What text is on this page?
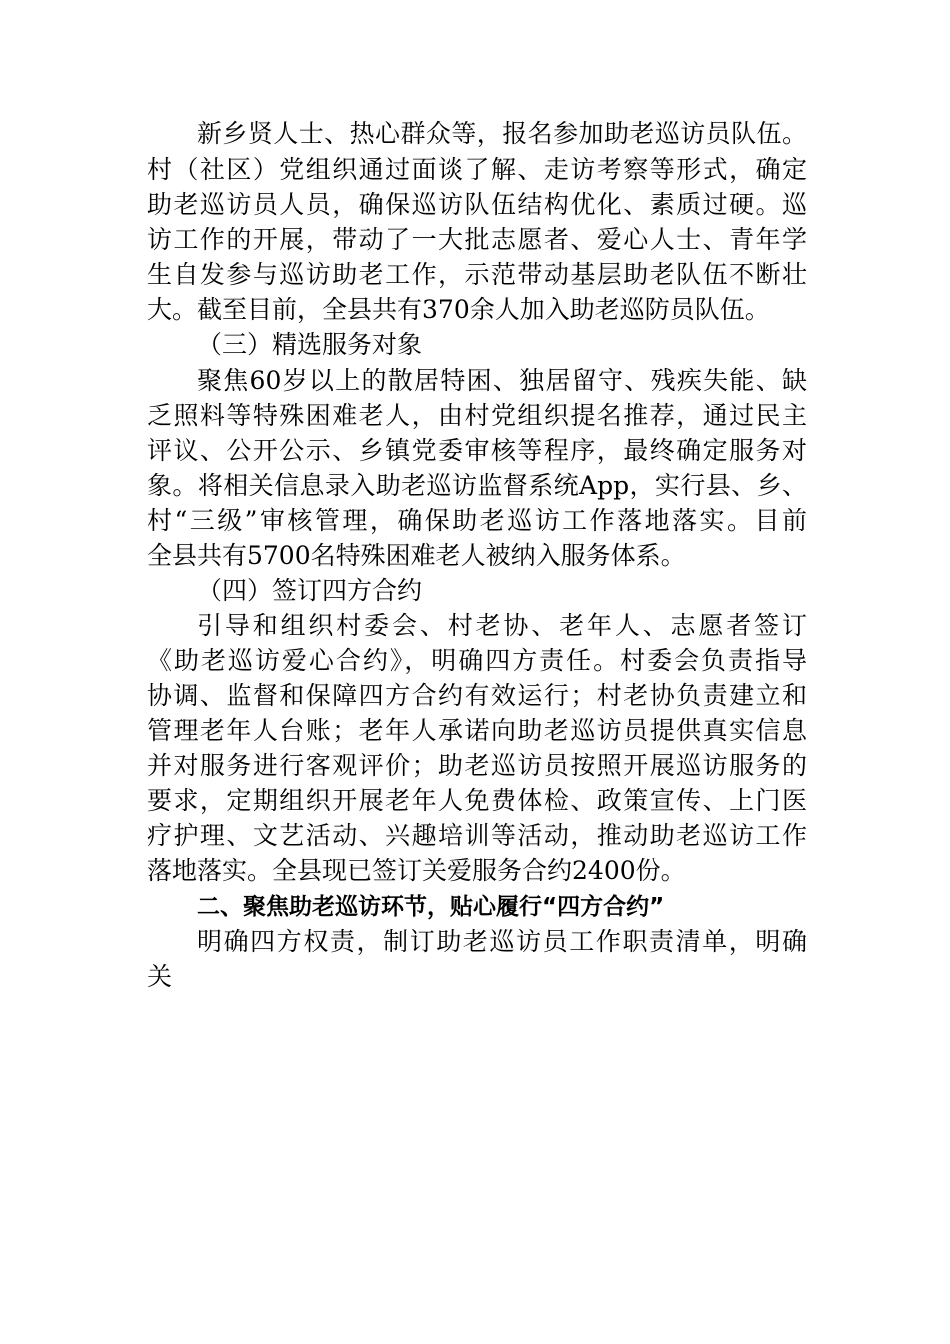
新乡贤人士、热心群众等，报名参加助老巡访员队伍。
村（社区）党组织通过面谈了解、走访考察等形式，确定
助老巡访员人员，确保巡访队伍结构优化、素质过硬。巡
访工作的开展，带动了一大批志愿者、爱心人士、青年学
生自发参与巡访助老工作，示范带动基层助老队伍不断壮
大。截至目前，全县共有370余人加入助老巡防员队伍。
（三）精选服务对象
聚焦60岁以上的散居特困、独居留守、残疾失能、缺
乏照料等特殊困难老人，由村党组织提名推荐，通过民主
评议、公开公示、乡镇党委审核等程序，最终确定服务对
象。将相关信息录入助老巡访监督系统App，实行县、乡、
村“三级”审核管理，确保助老巡访工作落地落实。目前
全县共有5700名特殊困难老人被纳入服务体系。
（四）签订四方合约
引导和组织村委会、村老协、老年人、志愿者签订
《助老巡访爱心合约》，明确四方责任。村委会负责指导
协调、监督和保障四方合约有效运行；村老协负责建立和
管理老年人台账；老年人承诺向助老巡访员提供真实信息
并对服务进行客观评价；助老巡访员按照开展巡访服务的
要求，定期组织开展老年人免费体检、政策宣传、上门医
疗护理、文艺活动、兴趣培训等活动，推动助老巡访工作
落地落实。全县现已签订关爱服务合约2400份。
二、聚焦助老巡访环节，贴心履行“四方合约”
明确四方权责，制订助老巡访员工作职责清单，明确
关
